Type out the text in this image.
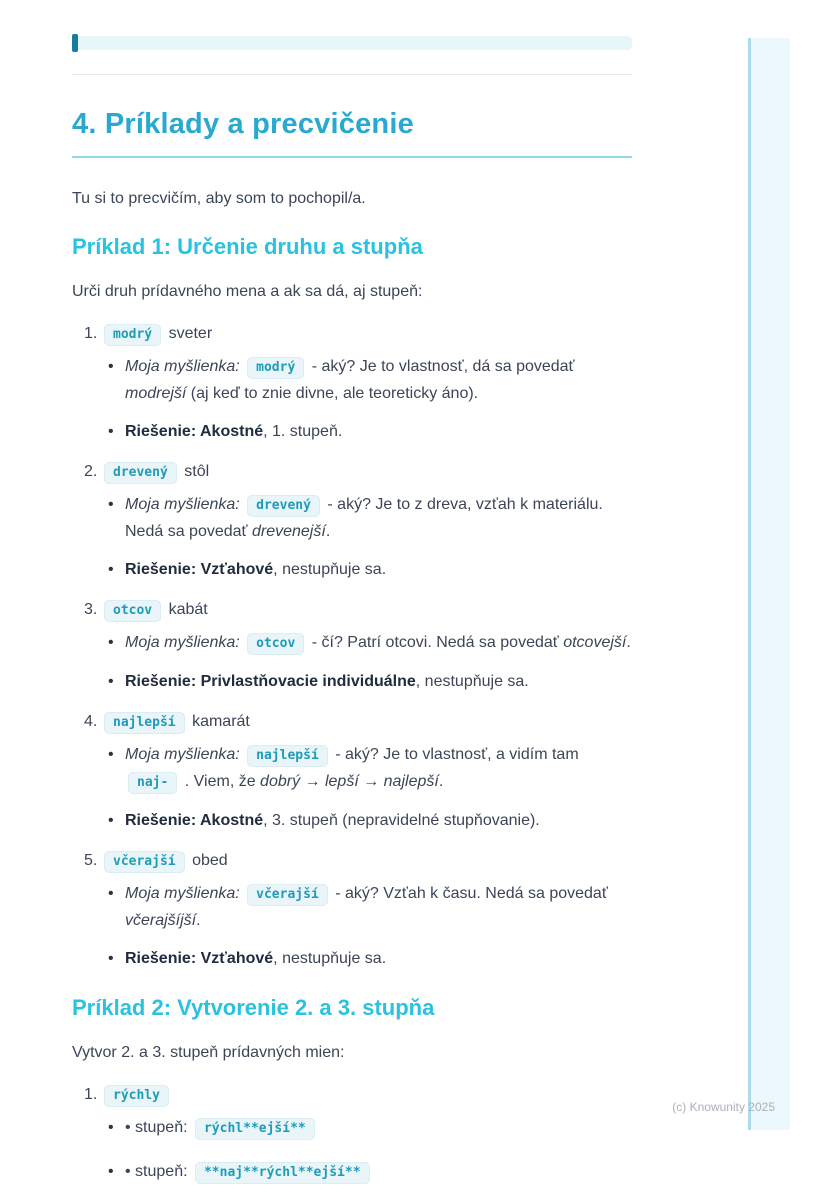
4. Príklady a precvičenie

Tu si to precvičím, aby som to pochopil/a.

Príklad 1: Určenie druhu a stupňa

Urči druh prídavného mena a ak sa dá, aj stupeň:

1.	modrý sveter
•
Moja myšlienka: modrý - aký? Je to vlastnosť, dá sa povedať modrejší (aj keď to znie divne, ale teoreticky áno).
•
Riešenie: Akostné, 1. stupeň.
2.	drevený stôl
•
Moja myšlienka: drevený - aký? Je to z dreva, vzťah k materiálu. Nedá sa povedať drevenejší.
•
Riešenie: Vzťahové, nestupňuje sa.
3.	otcov kabát
•
Moja myšlienka: otcov - čí? Patrí otcovi. Nedá sa povedať otcovejší.
•
Riešenie: Privlastňovacie individuálne, nestupňuje sa.
4.	najlepší kamarát
•
Moja myšlienka: najlepší - aký? Je to vlastnosť, a vidím tam naj- . Viem, že dobrý → lepší → najlepší.
•
Riešenie: Akostné, 3. stupeň (nepravidelné stupňovanie).
5.	včerajší obed
•
Moja myšlienka: včerajší - aký? Vzťah k času. Nedá sa povedať včerajšíjší.
•
Riešenie: Vzťahové, nestupňuje sa.
Príklad 2: Vytvorenie 2. a 3. stupňa

Vytvor 2. a 3. stupeň prídavných mien:

1.	rýchly
•
• stupeň: rýchl**ejší**
•
• stupeň: **naj**rýchl**ejší**
(c) Knowunity 2025
